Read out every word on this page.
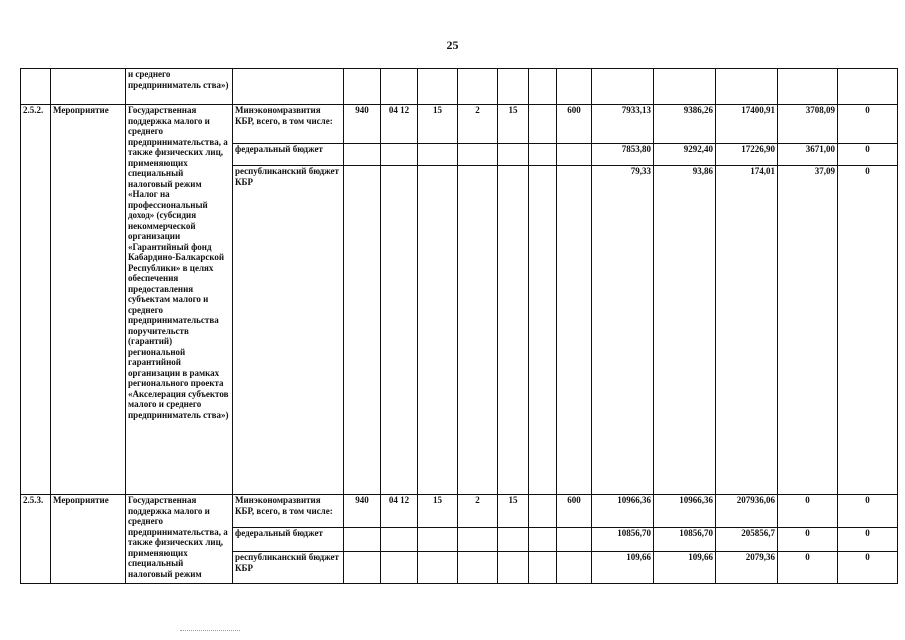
25
		и среднего предприниматель ства»)													
2.5.2.	Мероприятие	Государственная поддержка малого и среднего предпринимательства, а также физических лиц, применяющих специальный налоговый режим «Налог на профессиональный доход» (субсидия некоммерческой организации «Гарантийный фонд Кабардино-Балкарской Республики» в целях обеспечения предоставления субъектам малого и среднего предпринимательства поручительств (гарантий) региональной гарантийной организации в рамках регионального проекта «Акселерация субъектов малого и среднего предприниматель ства»)	Минэкономразвития КБР, всего, в том числе:	940	04 12	15	2	15		600	7933,13	9386,26	17400,91	3708,09	0
			федеральный бюджет								7853,80	9292,40	17226,90	3671,00	0
			республиканский бюджет КБР								79,33	93,86	174,01	37,09	0
2.5.3.	Мероприятие	Государственная поддержка малого и среднего предпринимательства, а также физических лиц, применяющих специальный налоговый режим	Минэкономразвития КБР, всего, в том числе:	940	04 12	15	2	15		600	10966,36	10966,36	207936,06	0	0
			федеральный бюджет								10856,70	10856,70	205856,7	0	0
			республиканский бюджет КБР								109,66	109,66	2079,36	0	0
